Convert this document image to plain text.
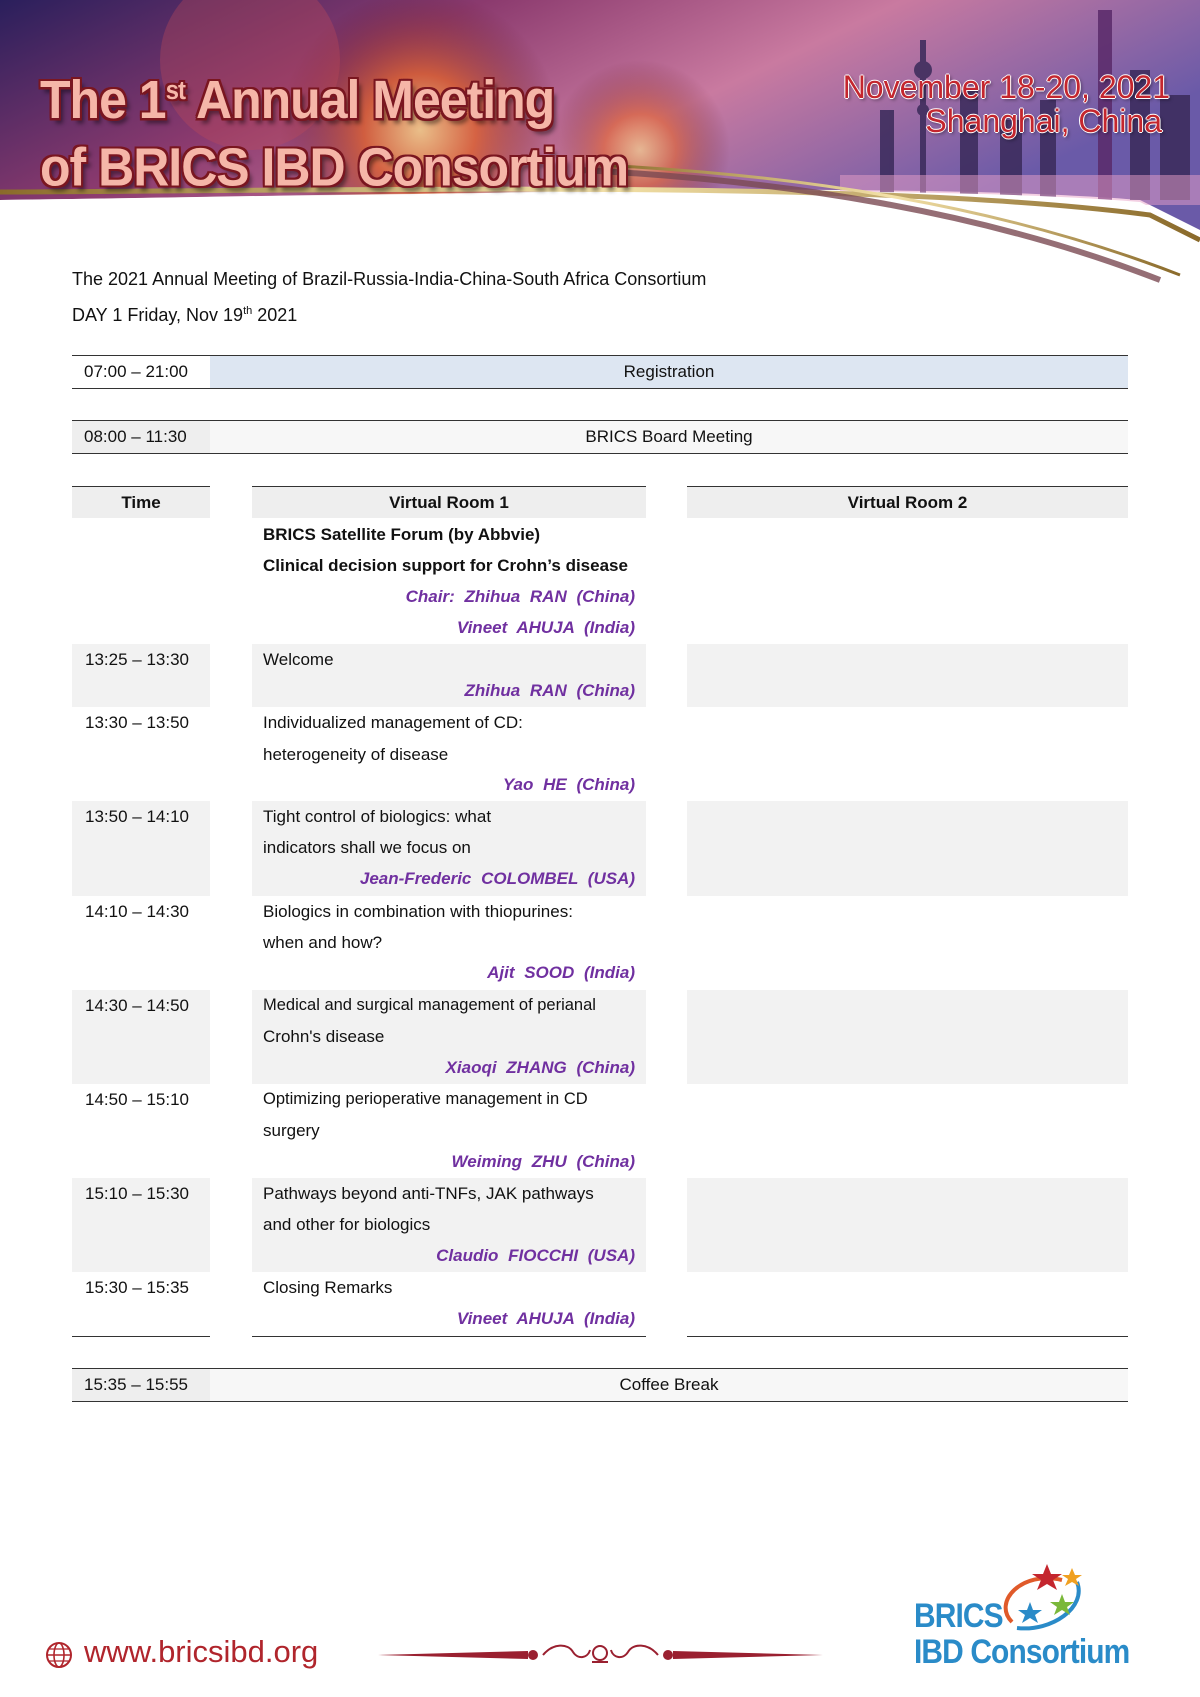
The 1st Annual Meeting
of BRICS IBD Consortium
November 18-20, 2021
Shanghai, China
The 2021 Annual Meeting of Brazil-Russia-India-China-South Africa Consortium
DAY 1 Friday, Nov 19th 2021
07:00 – 21:00	Registration
08:00 – 11:30	BRICS Board Meeting
Time	Virtual Room 1	Virtual Room 2
BRICS Satellite Forum (by Abbvie)
Clinical decision support for Crohn’s disease
Chair: Zhihua RAN (China)
Vineet AHUJA (India)
13:25 – 13:30	Welcome
Zhihua RAN (China)
13:30 – 13:50	Individualized management of CD:
heterogeneity of disease
Yao HE (China)
13:50 – 14:10	Tight control of biologics: what
indicators shall we focus on
Jean-Frederic COLOMBEL (USA)
14:10 – 14:30	Biologics in combination with thiopurines:
when and how?
Ajit SOOD (India)
14:30 – 14:50	Medical and surgical management of perianal
Crohn's disease
Xiaoqi ZHANG (China)
14:50 – 15:10	Optimizing perioperative management in CD
surgery
Weiming ZHU (China)
15:10 – 15:30	Pathways beyond anti-TNFs, JAK pathways
and other for biologics
Claudio FIOCCHI (USA)
15:30 – 15:35	Closing Remarks
Vineet AHUJA (India)
15:35 – 15:55	Coffee Break
www.bricsibd.org
BRICS
IBD Consortium
